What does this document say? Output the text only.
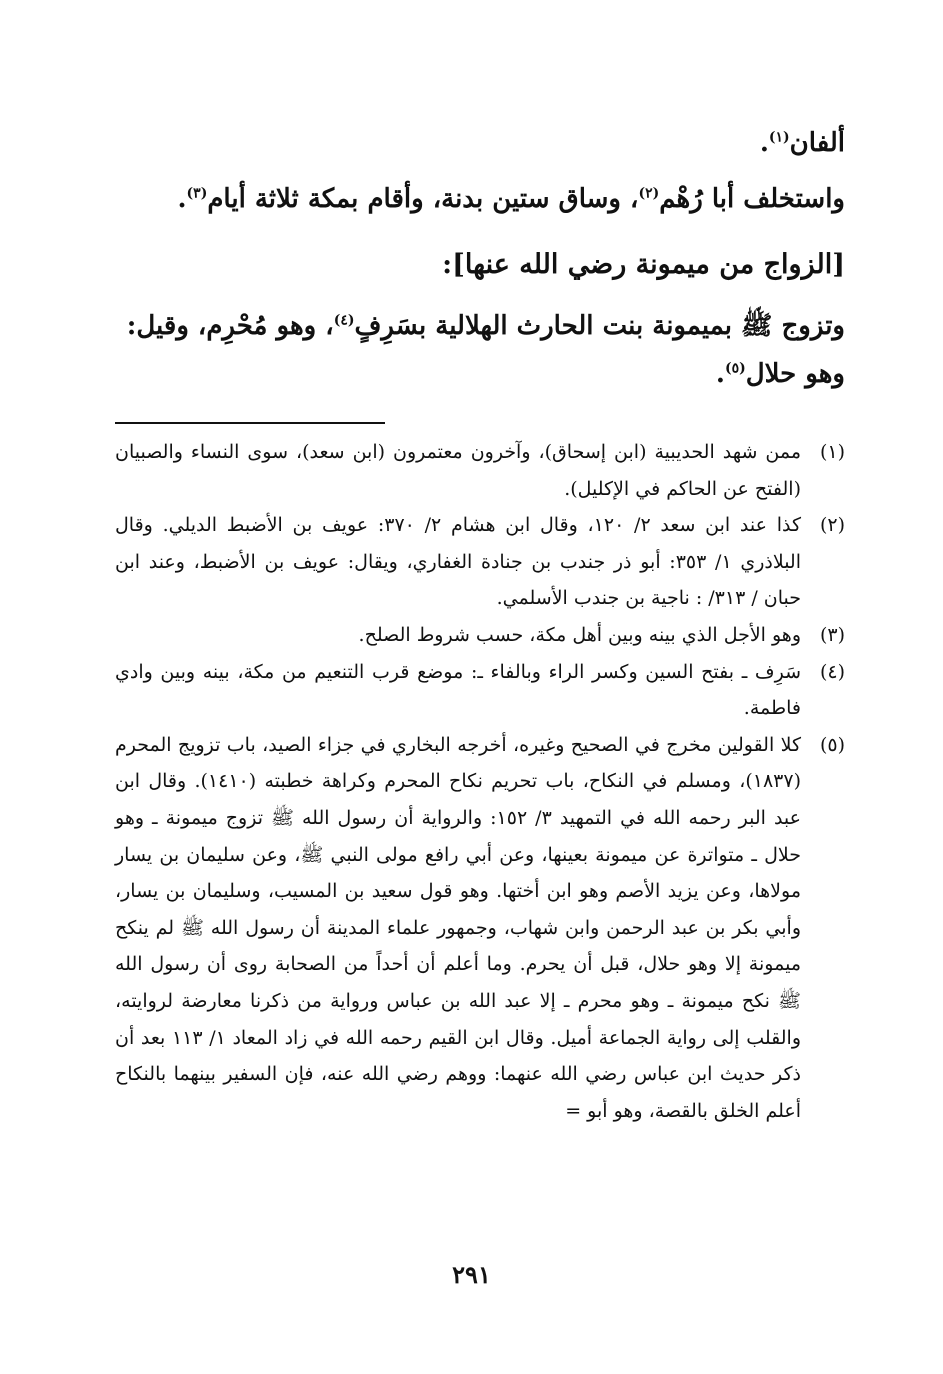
ألفان$^{(١)}$.

واستخلف أبا رُهْم$^{(٢)}$، وساق ستين بدنة، وأقام بمكة ثلاثة أيام$^{(٣)}$.

[الزواج من ميمونة رضي الله عنها]:

وتزوج ﷺ بميمونة بنت الحارث الهلالية بسَرِفٍ$^{(٤)}$، وهو مُحْرِم، وقيل: وهو حلال$^{(٥)}$.

(١)
ممن شهد الحديبية (ابن إسحاق)، وآخرون معتمرون (ابن سعد)، سوى النساء والصبيان (الفتح عن الحاكم في الإكليل).
(٢)
كذا عند ابن سعد ٢/ ١٢٠، وقال ابن هشام ٢/ ٣٧٠: عويف بن الأضبط الديلي. وقال البلاذري ١/ ٣٥٣: أبو ذر جندب بن جنادة الغفاري، ويقال: عويف بن الأضبط، وعند ابن حبان / ٣١٣/ : ناجية بن جندب الأسلمي.
(٣)
وهو الأجل الذي بينه وبين أهل مكة، حسب شروط الصلح.
(٤)
سَرِف ـ بفتح السين وكسر الراء وبالفاء ـ: موضع قرب التنعيم من مكة، بينه وبين وادي فاطمة.
(٥)
كلا القولين مخرج في الصحيح وغيره، أخرجه البخاري في جزاء الصيد، باب تزويج المحرم (١٨٣٧)، ومسلم في النكاح، باب تحريم نكاح المحرم وكراهة خطبته (١٤١٠). وقال ابن عبد البر رحمه الله في التمهيد ٣/ ١٥٢: والرواية أن رسول الله ﷺ تزوج ميمونة ـ وهو حلال ـ متواترة عن ميمونة بعينها، وعن أبي رافع مولى النبي ﷺ، وعن سليمان بن يسار مولاها، وعن يزيد الأصم وهو ابن أختها. وهو قول سعيد بن المسيب، وسليمان بن يسار، وأبي بكر بن عبد الرحمن وابن شهاب، وجمهور علماء المدينة أن رسول الله ﷺ لم ينكح ميمونة إلا وهو حلال، قبل أن يحرم. وما أعلم أن أحداً من الصحابة روى أن رسول الله ﷺ نكح ميمونة ـ وهو محرم ـ إلا عبد الله بن عباس ورواية من ذكرنا معارضة لروايته، والقلب إلى رواية الجماعة أميل. وقال ابن القيم رحمه الله في زاد المعاد ١/ ١١٣ بعد أن ذكر حديث ابن عباس رضي الله عنهما: ووهم رضي الله عنه، فإن السفير بينهما بالنكاح أعلم الخلق بالقصة، وهو أبو =
٢٩١
